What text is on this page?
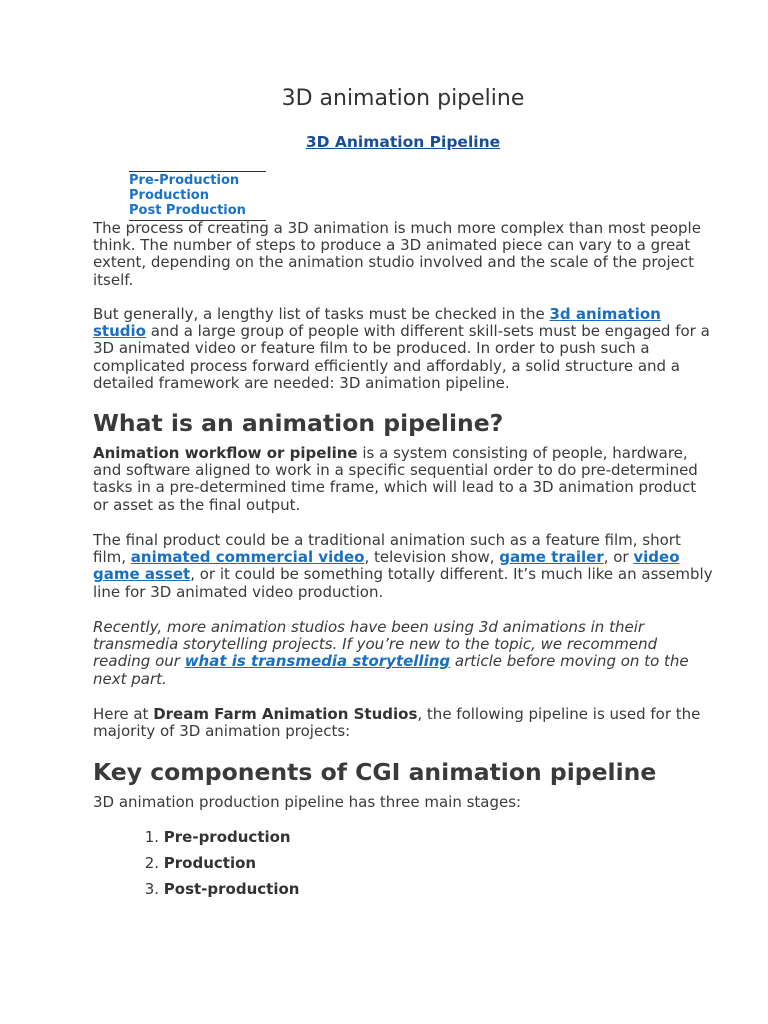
3D animation pipeline
3D Animation Pipeline
Pre-Production
Production
Post Production

The process of creating a 3D animation is much more complex than most people think. The number of steps to produce a 3D animated piece can vary to a great extent, depending on the animation studio involved and the scale of the project itself.

But generally, a lengthy list of tasks must be checked in the 3d animation studio and a large group of people with different skill-sets must be engaged for a 3D animated video or feature film to be produced. In order to push such a complicated process forward efficiently and affordably, a solid structure and a detailed framework are needed: 3D animation pipeline.

What is an animation pipeline?

Animation workflow or pipeline is a system consisting of people, hardware, and software aligned to work in a specific sequential order to do pre-determined tasks in a pre-determined time frame, which will lead to a 3D animation product or asset as the final output.

The final product could be a traditional animation such as a feature film, short film, animated commercial video, television show, game trailer, or video game asset, or it could be something totally different. It’s much like an assembly line for 3D animated video production.

Recently, more animation studios have been using 3d animations in their transmedia storytelling projects. If you’re new to the topic, we recommend reading our what is transmedia storytelling article before moving on to the next part.

Here at Dream Farm Animation Studios, the following pipeline is used for the majority of 3D animation projects:

Key components of CGI animation pipeline

3D animation production pipeline has three main stages:

1. Pre-production
2. Production
3. Post-production
